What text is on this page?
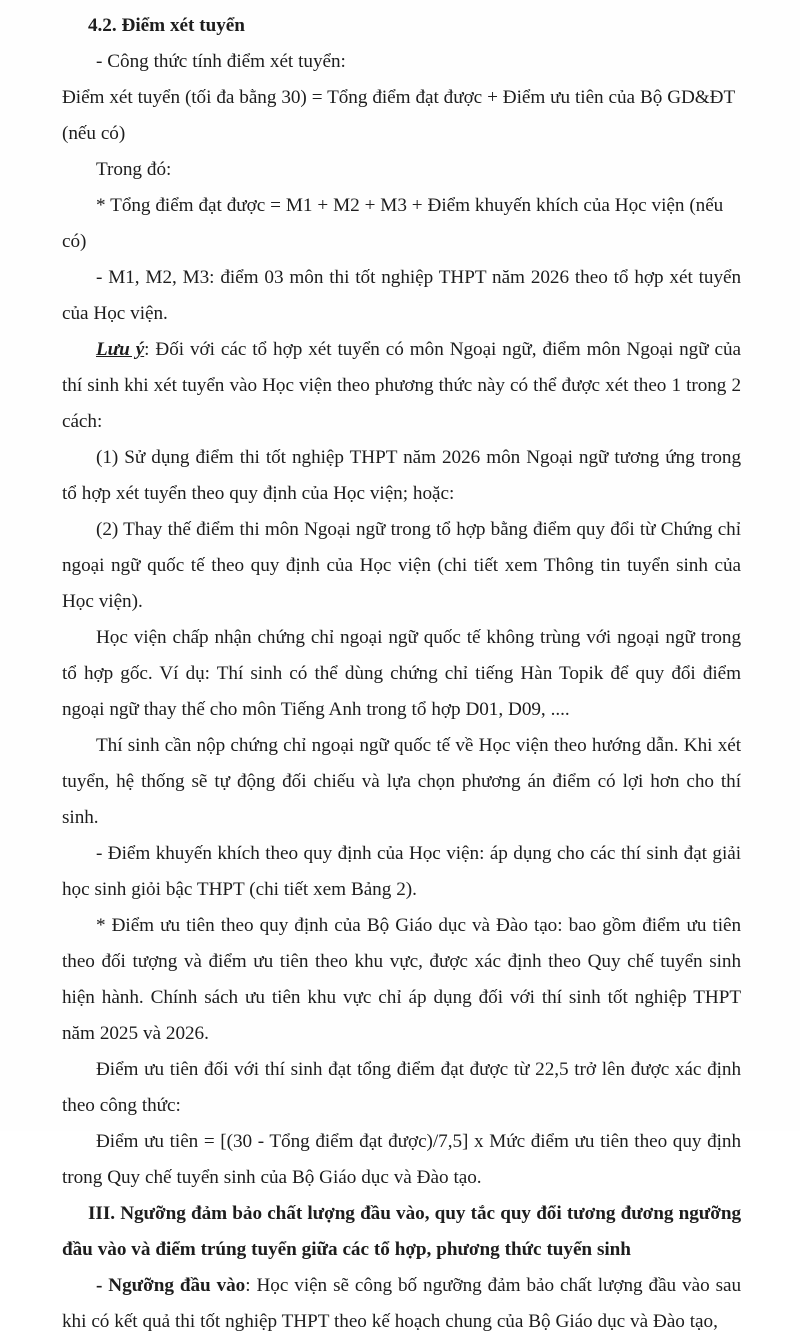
4.2. Điểm xét tuyển

- Công thức tính điểm xét tuyển:

Điểm xét tuyển (tối đa bằng 30) = Tổng điểm đạt được + Điểm ưu tiên của Bộ GD&ĐT (nếu có)

Trong đó:

* Tổng điểm đạt được = M1 + M2 + M3 + Điểm khuyến khích của Học viện (nếu có)

- M1, M2, M3: điểm 03 môn thi tốt nghiệp THPT năm 2026 theo tổ hợp xét tuyển của Học viện.

Lưu ý: Đối với các tổ hợp xét tuyển có môn Ngoại ngữ, điểm môn Ngoại ngữ của thí sinh khi xét tuyển vào Học viện theo phương thức này có thể được xét theo 1 trong 2 cách:

(1) Sử dụng điểm thi tốt nghiệp THPT năm 2026 môn Ngoại ngữ tương ứng trong tổ hợp xét tuyển theo quy định của Học viện; hoặc:

(2) Thay thế điểm thi môn Ngoại ngữ trong tổ hợp bằng điểm quy đổi từ Chứng chỉ ngoại ngữ quốc tế theo quy định của Học viện (chi tiết xem Thông tin tuyển sinh của Học viện).

Học viện chấp nhận chứng chỉ ngoại ngữ quốc tế không trùng với ngoại ngữ trong tổ hợp gốc. Ví dụ: Thí sinh có thể dùng chứng chỉ tiếng Hàn Topik để quy đổi điểm ngoại ngữ thay thế cho môn Tiếng Anh trong tổ hợp D01, D09, ....

Thí sinh cần nộp chứng chỉ ngoại ngữ quốc tế về Học viện theo hướng dẫn. Khi xét tuyển, hệ thống sẽ tự động đối chiếu và lựa chọn phương án điểm có lợi hơn cho thí sinh.

- Điểm khuyến khích theo quy định của Học viện: áp dụng cho các thí sinh đạt giải học sinh giỏi bậc THPT (chi tiết xem Bảng 2).

* Điểm ưu tiên theo quy định của Bộ Giáo dục và Đào tạo: bao gồm điểm ưu tiên theo đối tượng và điểm ưu tiên theo khu vực, được xác định theo Quy chế tuyển sinh hiện hành. Chính sách ưu tiên khu vực chỉ áp dụng đối với thí sinh tốt nghiệp THPT năm 2025 và 2026.

Điểm ưu tiên đối với thí sinh đạt tổng điểm đạt được từ 22,5 trở lên được xác định theo công thức:

Điểm ưu tiên = [(30 - Tổng điểm đạt được)/7,5] x Mức điểm ưu tiên theo quy định trong Quy chế tuyển sinh của Bộ Giáo dục và Đào tạo.

III. Ngưỡng đảm bảo chất lượng đầu vào, quy tắc quy đổi tương đương ngưỡng đầu vào và điểm trúng tuyển giữa các tổ hợp, phương thức tuyển sinh

- Ngưỡng đầu vào: Học viện sẽ công bố ngưỡng đảm bảo chất lượng đầu vào sau khi có kết quả thi tốt nghiệp THPT theo kế hoạch chung của Bộ Giáo dục và Đào tạo,
